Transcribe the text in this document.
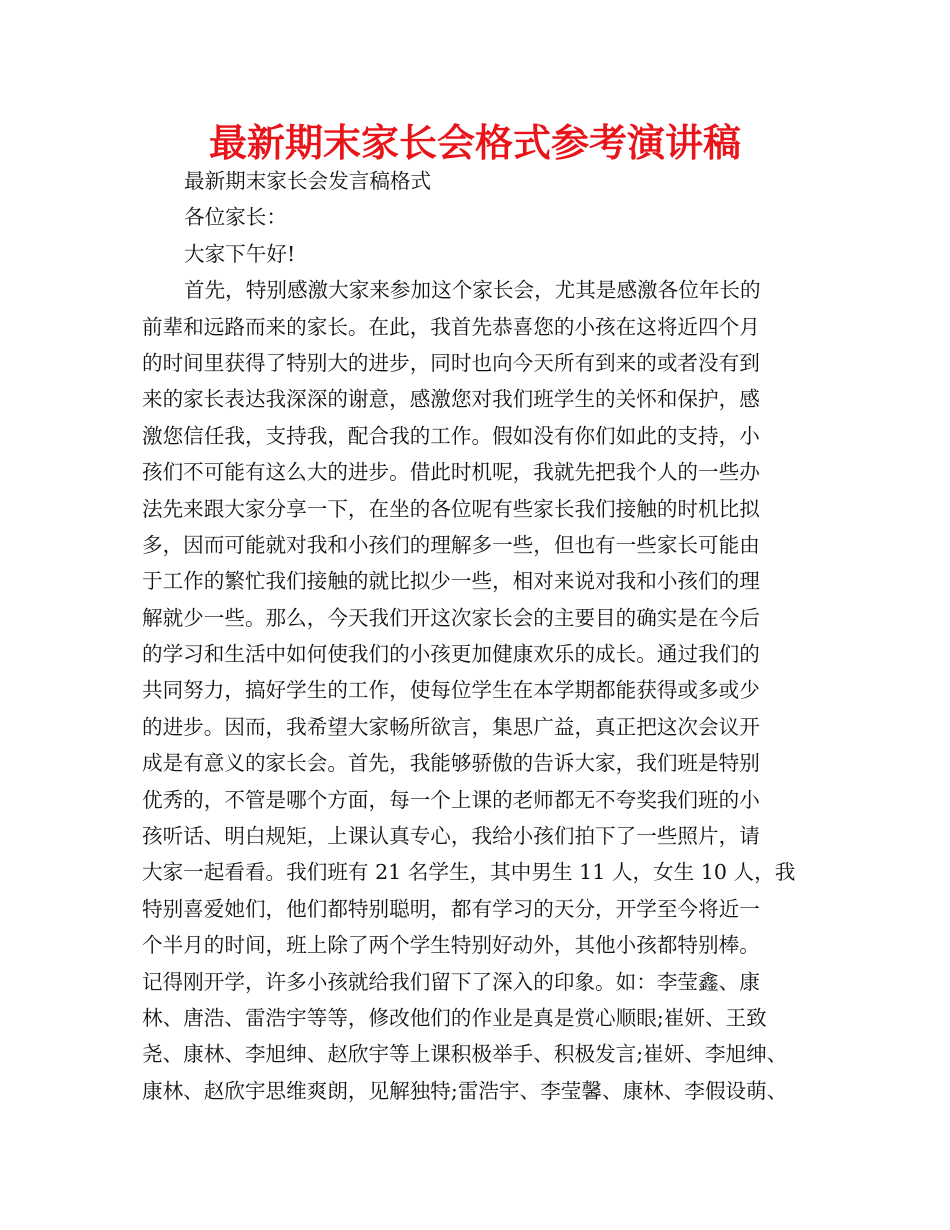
最新期末家长会格式参考演讲稿
最新期末家长会发言稿格式
各位家长：
大家下午好!
首先，特别感激大家来参加这个家长会，尤其是感激各位年长的
前辈和远路而来的家长。在此，我首先恭喜您的小孩在这将近四个月
的时间里获得了特别大的进步，同时也向今天所有到来的或者没有到
来的家长表达我深深的谢意，感激您对我们班学生的关怀和保护，感
激您信任我，支持我，配合我的工作。假如没有你们如此的支持，小
孩们不可能有这么大的进步。借此时机呢，我就先把我个人的一些办
法先来跟大家分享一下，在坐的各位呢有些家长我们接触的时机比拟
多，因而可能就对我和小孩们的理解多一些，但也有一些家长可能由
于工作的繁忙我们接触的就比拟少一些，相对来说对我和小孩们的理
解就少一些。那么，今天我们开这次家长会的主要目的确实是在今后
的学习和生活中如何使我们的小孩更加健康欢乐的成长。通过我们的
共同努力，搞好学生的工作，使每位学生在本学期都能获得或多或少
的进步。因而，我希望大家畅所欲言，集思广益，真正把这次会议开
成是有意义的家长会。首先，我能够骄傲的告诉大家，我们班是特别
优秀的，不管是哪个方面，每一个上课的老师都无不夸奖我们班的小
孩听话、明白规矩，上课认真专心，我给小孩们拍下了一些照片，请
大家一起看看。我们班有 21 名学生，其中男生 11 人，女生 10 人，我
特别喜爱她们，他们都特别聪明，都有学习的天分，开学至今将近一
个半月的时间，班上除了两个学生特别好动外，其他小孩都特别棒。
记得刚开学，许多小孩就给我们留下了深入的印象。如：李莹鑫、康
林、唐浩、雷浩宇等等，修改他们的作业是真是赏心顺眼;崔妍、王致
尧、康林、李旭绅、赵欣宇等上课积极举手、积极发言;崔妍、李旭绅、
康林、赵欣宇思维爽朗，见解独特;雷浩宇、李莹馨、康林、李假设萌、
